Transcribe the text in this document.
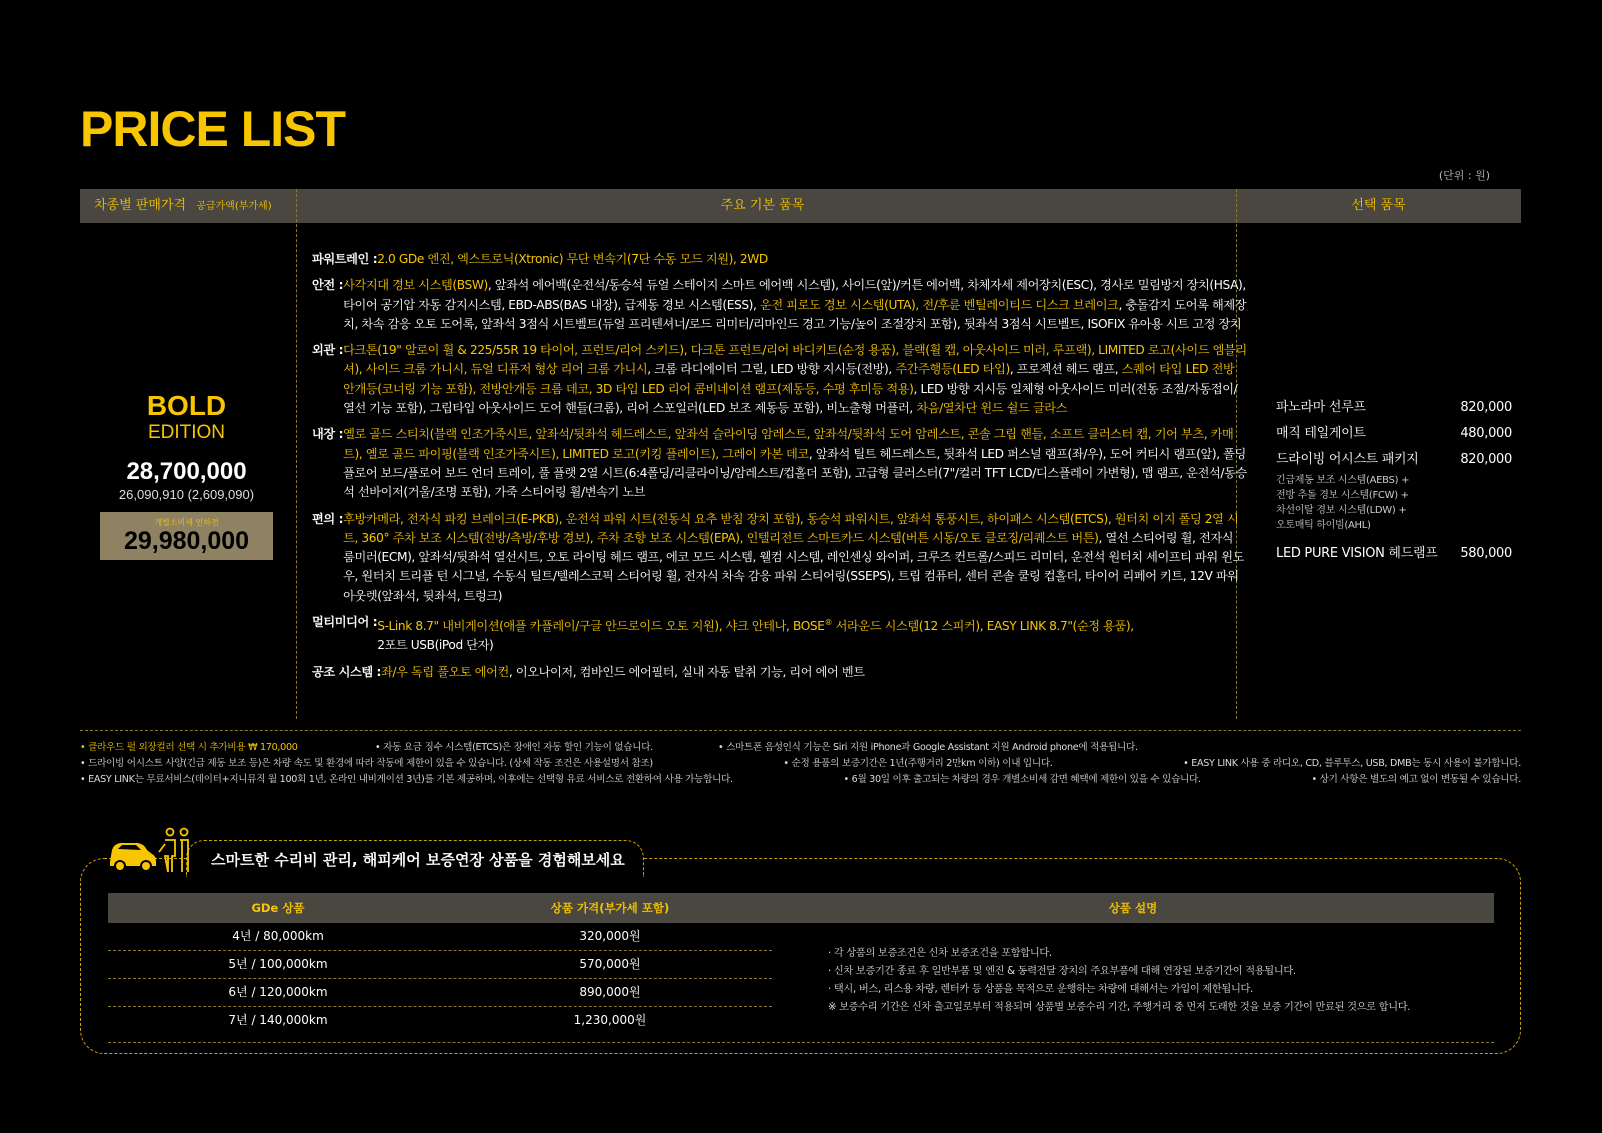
PRICE LIST
(단위 : 원)
차종별 판매가격 공급가액(부가세)	주요 기본 품목	선택 품목
BOLD
EDITION
28,700,000
26,090,910 (2,609,090)
개별소비세 인하전
29,980,000
파워트레인 : 2.0 GDe 엔진, 엑스트로닉(Xtronic) 무단 변속기(7단 수동 모드 지원), 2WD
안전 : 사각지대 경보 시스템(BSW), 앞좌석 에어백(운전석/동승석 듀얼 스테이지 스마트 에어백 시스템), 사이드(앞)/커튼 에어백, 차체자세 제어장치(ESC), 경사로 밀림방지 장치(HSA), 타이어 공기압 자동 감지시스템, EBD-ABS(BAS 내장), 급제동 경보 시스템(ESS), 운전 피로도 경보 시스템(UTA), 전/후륜 벤틸레이티드 디스크 브레이크, 충돌감지 도어록 해제장치, 차속 감응 오토 도어록, 앞좌석 3점식 시트벨트(듀얼 프리텐셔너/로드 리미터/리마인드 경고 기능/높이 조절장치 포함), 뒷좌석 3점식 시트벨트, ISOFIX 유아용 시트 고정 장치
외관 : 다크톤(19" 알로이 휠 & 225/55R 19 타이어, 프런트/리어 스키드), 다크톤 프런트/리어 바디키트(순정 용품), 블랙(휠 캡, 아웃사이드 미러, 루프랙), LIMITED 로고(사이드 엠블리셔), 사이드 크롬 가니시, 듀얼 디퓨저 형상 리어 크롬 가니시, 크롬 라디에이터 그릴, LED 방향 지시등(전방), 주간주행등(LED 타입), 프로젝션 헤드 램프, 스퀘어 타입 LED 전방 안개등(코너링 기능 포함), 전방안개등 크롬 데코, 3D 타입 LED 리어 콤비네이션 램프(제동등, 수평 후미등 적용), LED 방향 지시등 일체형 아웃사이드 미러(전동 조절/자동접이/열선 기능 포함), 그립타입 아웃사이드 도어 핸들(크롬), 리어 스포일러(LED 보조 제동등 포함), 비노출형 머플러, 차음/열차단 윈드 쉴드 글라스
내장 : 옐로 골드 스티치(블랙 인조가죽시트, 앞좌석/뒷좌석 헤드레스트, 앞좌석 슬라이딩 암레스트, 앞좌석/뒷좌석 도어 암레스트, 콘솔 그립 핸들, 소프트 클러스터 캡, 기어 부츠, 카매트), 옐로 골드 파이핑(블랙 인조가죽시트), LIMITED 로고(키킹 플레이트), 그레이 카본 데코, 앞좌석 틸트 헤드레스트, 뒷좌석 LED 퍼스널 램프(좌/우), 도어 커티시 램프(앞), 폴딩 플로어 보드/플로어 보드 언더 트레이, 풀 플랫 2열 시트(6:4폴딩/리클라이닝/암레스트/컵홀더 포함), 고급형 클러스터(7"/컬러 TFT LCD/디스플레이 가변형), 맵 램프, 운전석/동승석 선바이저(거울/조명 포함), 가죽 스티어링 휠/변속기 노브
편의 : 후방카메라, 전자식 파킹 브레이크(E-PKB), 운전석 파워 시트(전동식 요추 받침 장치 포함), 동승석 파워시트, 앞좌석 통풍시트, 하이패스 시스템(ETCS), 원터치 이지 폴딩 2열 시트, 360° 주차 보조 시스템(전방/측방/후방 경보), 주차 조향 보조 시스템(EPA), 인텔리전트 스마트카드 시스템(버튼 시동/오토 클로징/리퀘스트 버튼), 열선 스티어링 휠, 전자식 룸미러(ECM), 앞좌석/뒷좌석 열선시트, 오토 라이팅 헤드 램프, 에코 모드 시스템, 웰컴 시스템, 레인센싱 와이퍼, 크루즈 컨트롤/스피드 리미터, 운전석 원터치 세이프티 파워 윈도우, 원터치 트리플 턴 시그널, 수동식 틸트/텔레스코픽 스티어링 휠, 전자식 차속 감응 파워 스티어링(SSEPS), 트립 컴퓨터, 센터 콘솔 쿨링 컵홀더, 타이어 리페어 키트, 12V 파워 아웃렛(앞좌석, 뒷좌석, 트렁크)
멀티미디어 : S-Link 8.7" 내비게이션(애플 카플레이/구글 안드로이드 오토 지원), 샤크 안테나, BOSE® 서라운드 시스템(12 스피커), EASY LINK 8.7"(순정 용품),
2포트 USB(iPod 단자)
공조 시스템 : 좌/우 독립 풀오토 에어컨, 이오나이저, 컴바인드 에어필터, 실내 자동 탈취 기능, 리어 에어 벤트
파노라마 선루프	820,000
매직 테일게이트	480,000
드라이빙 어시스트 패키지	820,000
긴급제동 보조 시스템(AEBS) +
전방 추돌 경보 시스템(FCW) +
차선이탈 경보 시스템(LDW) +
오토매틱 하이빔(AHL)
LED PURE VISION 헤드램프 580,000
• 클라우드 펄 외장컬러 선택 시 추가비용 ₩ 170,000	• 자동 요금 징수 시스템(ETCS)은 장애인 자동 할인 기능이 없습니다.	• 스마트폰 음성인식 기능은 Siri 지원 iPhone과 Google Assistant 지원 Android phone에 적용됩니다.
• 드라이빙 어시스트 사양(긴급 제동 보조 등)은 차량 속도 및 환경에 따라 작동에 제한이 있을 수 있습니다. (상세 작동 조건은 사용설명서 참조)	• 순정 용품의 보증기간은 1년(주행거리 2만km 이하) 이내 입니다.	• EASY LINK 사용 중 라디오, CD, 블루투스, USB, DMB는 동시 사용이 불가합니다.
• EASY LINK는 무료서비스(데이터+지니뮤직 월 100회 1년, 온라인 내비게이션 3년)를 기본 제공하며, 이후에는 선택형 유료 서비스로 전환하여 사용 가능합니다.	• 6월 30일 이후 출고되는 차량의 경우 개별소비세 감면 혜택에 제한이 있을 수 있습니다.	• 상기 사항은 별도의 예고 없이 변동될 수 있습니다.
스마트한 수리비 관리, 해피케어 보증연장 상품을 경험해보세요
GDe 상품	상품 가격(부가세 포함)	상품 설명
4년 / 80,000km	320,000원
5년 / 100,000km	570,000원
6년 / 120,000km	890,000원
7년 / 140,000km	1,230,000원
· 각 상품의 보증조건은 신차 보증조건을 포함합니다.
· 신차 보증기간 종료 후 일반부품 및 엔진 & 동력전달 장치의 주요부품에 대해 연장된 보증기간이 적용됩니다.
· 택시, 버스, 리스용 차량, 렌터카 등 상품을 목적으로 운행하는 차량에 대해서는 가입이 제한됩니다.
※ 보증수리 기간은 신차 출고일로부터 적용되며 상품별 보증수리 기간, 주행거리 중 먼저 도래한 것을 보증 기간이 만료된 것으로 합니다.
